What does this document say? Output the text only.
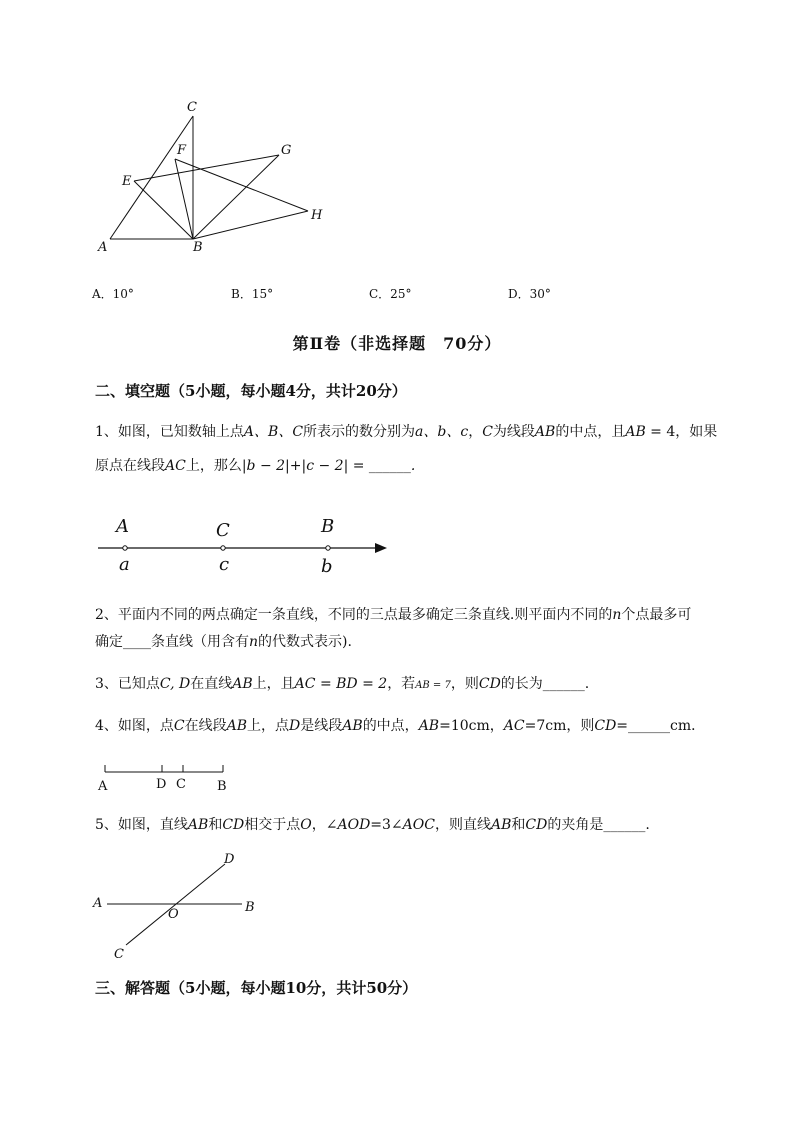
A	B
C
E
F	G
H
A．10°	B．15°	C．25°	D．30°
第Ⅱ卷（非选择题　70分）
二、填空题（5小题，每小题4分，共计20分）
1、如图，已知数轴上点A、B、C所表示的数分别为a、b、c，C为线段AB的中点，且AB = 4，如果
原点在线段AC上，那么|b − 2|+|c − 2| = ______.
A	C	B
a	c	b
2、平面内不同的两点确定一条直线，不同的三点最多确定三条直线.则平面内不同的n个点最多可
确定____条直线（用含有n的代数式表示).
3、已知点C, D在直线AB上，且AC = BD = 2，若AB = 7，则CD的长为______.
4、如图，点C在线段AB上，点D是线段AB的中点，AB=10cm，AC=7cm，则CD=______cm．
A	D C B
5、如图，直线AB和CD相交于点O，∠AOD=3∠AOC，则直线AB和CD的夹角是______.
A	B
C
D
O
三、解答题（5小题，每小题10分，共计50分）
